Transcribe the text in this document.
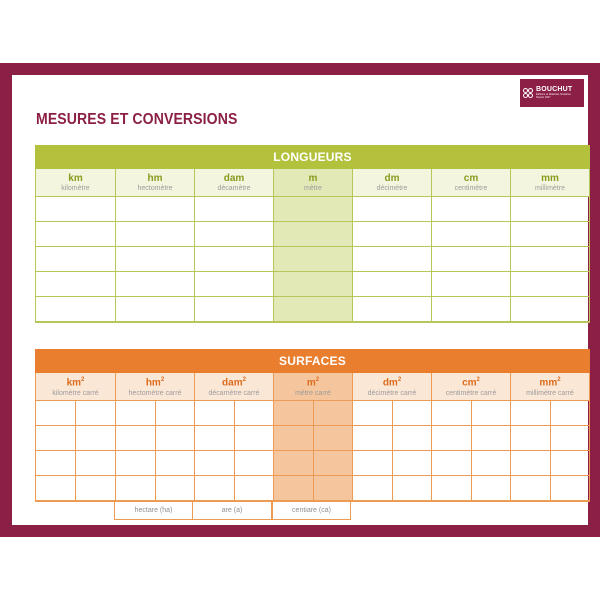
MESURES ET CONVERSIONS
BOUCHUT
Éditions et Matériels Scolaires
Depuis 1827
LONGUEURS
km
kilomètre
hm
hectomètre
dam
décamètre
m
mètre
dm
décimètre
cm
centimètre
mm
millimètre
SURFACES
$km^2$
kilomètre carré
$hm^2$
hectomètre carré
dam$^2$
décamètre carré
$m^2$
mètre carré
$dm^2$
décimètre carré
$cm^2$
centimètre carré
$mm^2$
millimètre carré
hectare (ha)	are (a)	centiare (ca)
